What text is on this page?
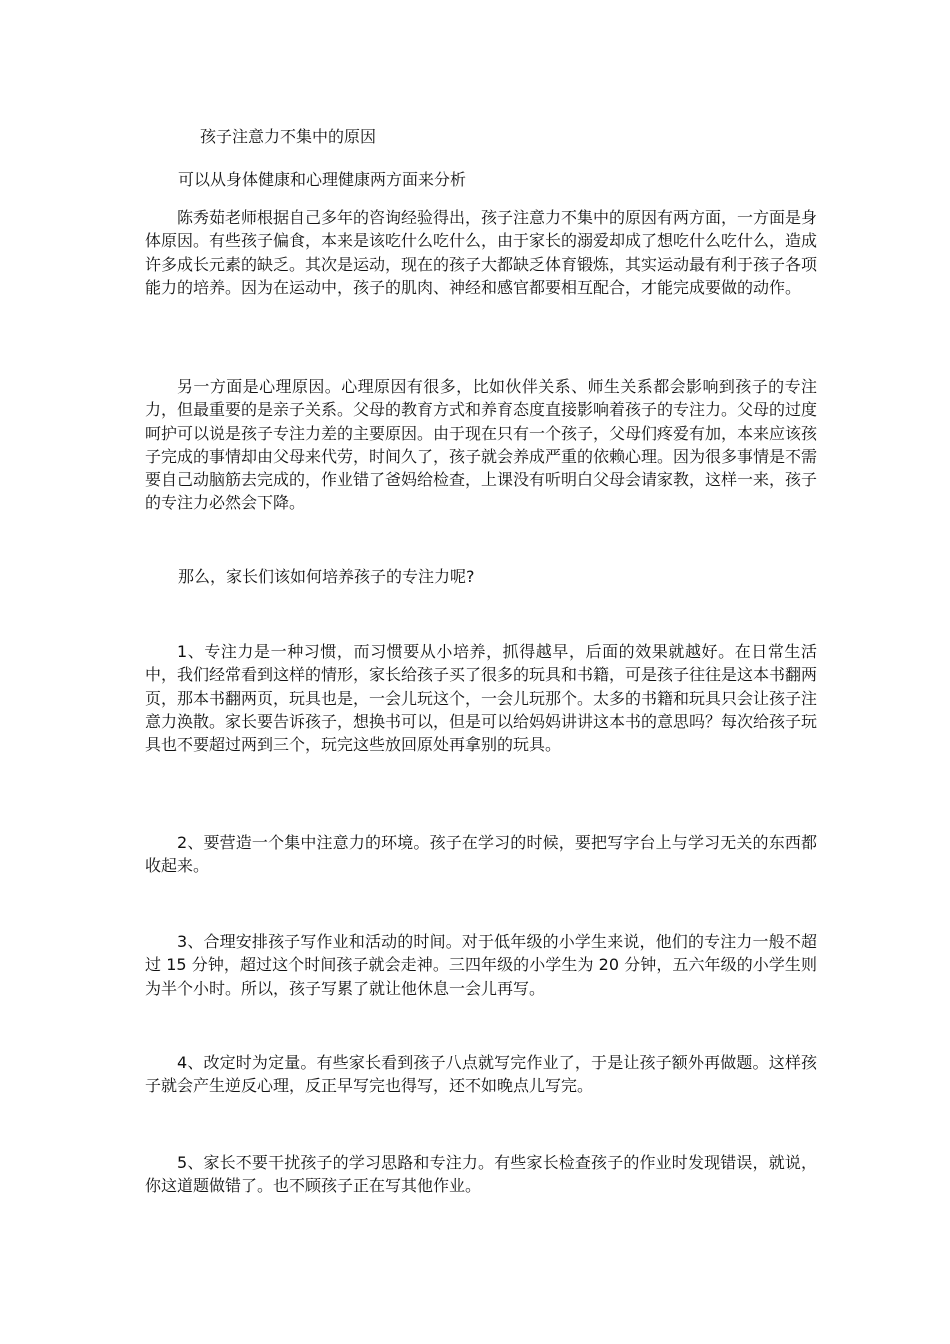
孩子注意力不集中的原因

可以从身体健康和心理健康两方面来分析

陈秀茹老师根据自己多年的咨询经验得出，孩子注意力不集中的原因有两方面，一方面是身体原因。有些孩子偏食，本来是该吃什么吃什么，由于家长的溺爱却成了想吃什么吃什么，造成许多成长元素的缺乏。其次是运动，现在的孩子大都缺乏体育锻炼，其实运动最有利于孩子各项能力的培养。因为在运动中，孩子的肌肉、神经和感官都要相互配合，才能完成要做的动作。

另一方面是心理原因。心理原因有很多，比如伙伴关系、师生关系都会影响到孩子的专注力，但最重要的是亲子关系。父母的教育方式和养育态度直接影响着孩子的专注力。父母的过度呵护可以说是孩子专注力差的主要原因。由于现在只有一个孩子，父母们疼爱有加，本来应该孩子完成的事情却由父母来代劳，时间久了，孩子就会养成严重的依赖心理。因为很多事情是不需要自己动脑筋去完成的，作业错了爸妈给检查，上课没有听明白父母会请家教，这样一来，孩子的专注力必然会下降。

那么，家长们该如何培养孩子的专注力呢?

1、专注力是一种习惯，而习惯要从小培养，抓得越早，后面的效果就越好。在日常生活中，我们经常看到这样的情形，家长给孩子买了很多的玩具和书籍，可是孩子往往是这本书翻两页，那本书翻两页，玩具也是，一会儿玩这个，一会儿玩那个。太多的书籍和玩具只会让孩子注意力涣散。家长要告诉孩子，想换书可以，但是可以给妈妈讲讲这本书的意思吗？每次给孩子玩具也不要超过两到三个，玩完这些放回原处再拿别的玩具。

2、要营造一个集中注意力的环境。孩子在学习的时候，要把写字台上与学习无关的东西都收起来。

3、合理安排孩子写作业和活动的时间。对于低年级的小学生来说，他们的专注力一般不超过 15 分钟，超过这个时间孩子就会走神。三四年级的小学生为 20 分钟，五六年级的小学生则为半个小时。所以，孩子写累了就让他休息一会儿再写。

4、改定时为定量。有些家长看到孩子八点就写完作业了，于是让孩子额外再做题。这样孩子就会产生逆反心理，反正早写完也得写，还不如晚点儿写完。

5、家长不要干扰孩子的学习思路和专注力。有些家长检查孩子的作业时发现错误，就说，你这道题做错了。也不顾孩子正在写其他作业。
